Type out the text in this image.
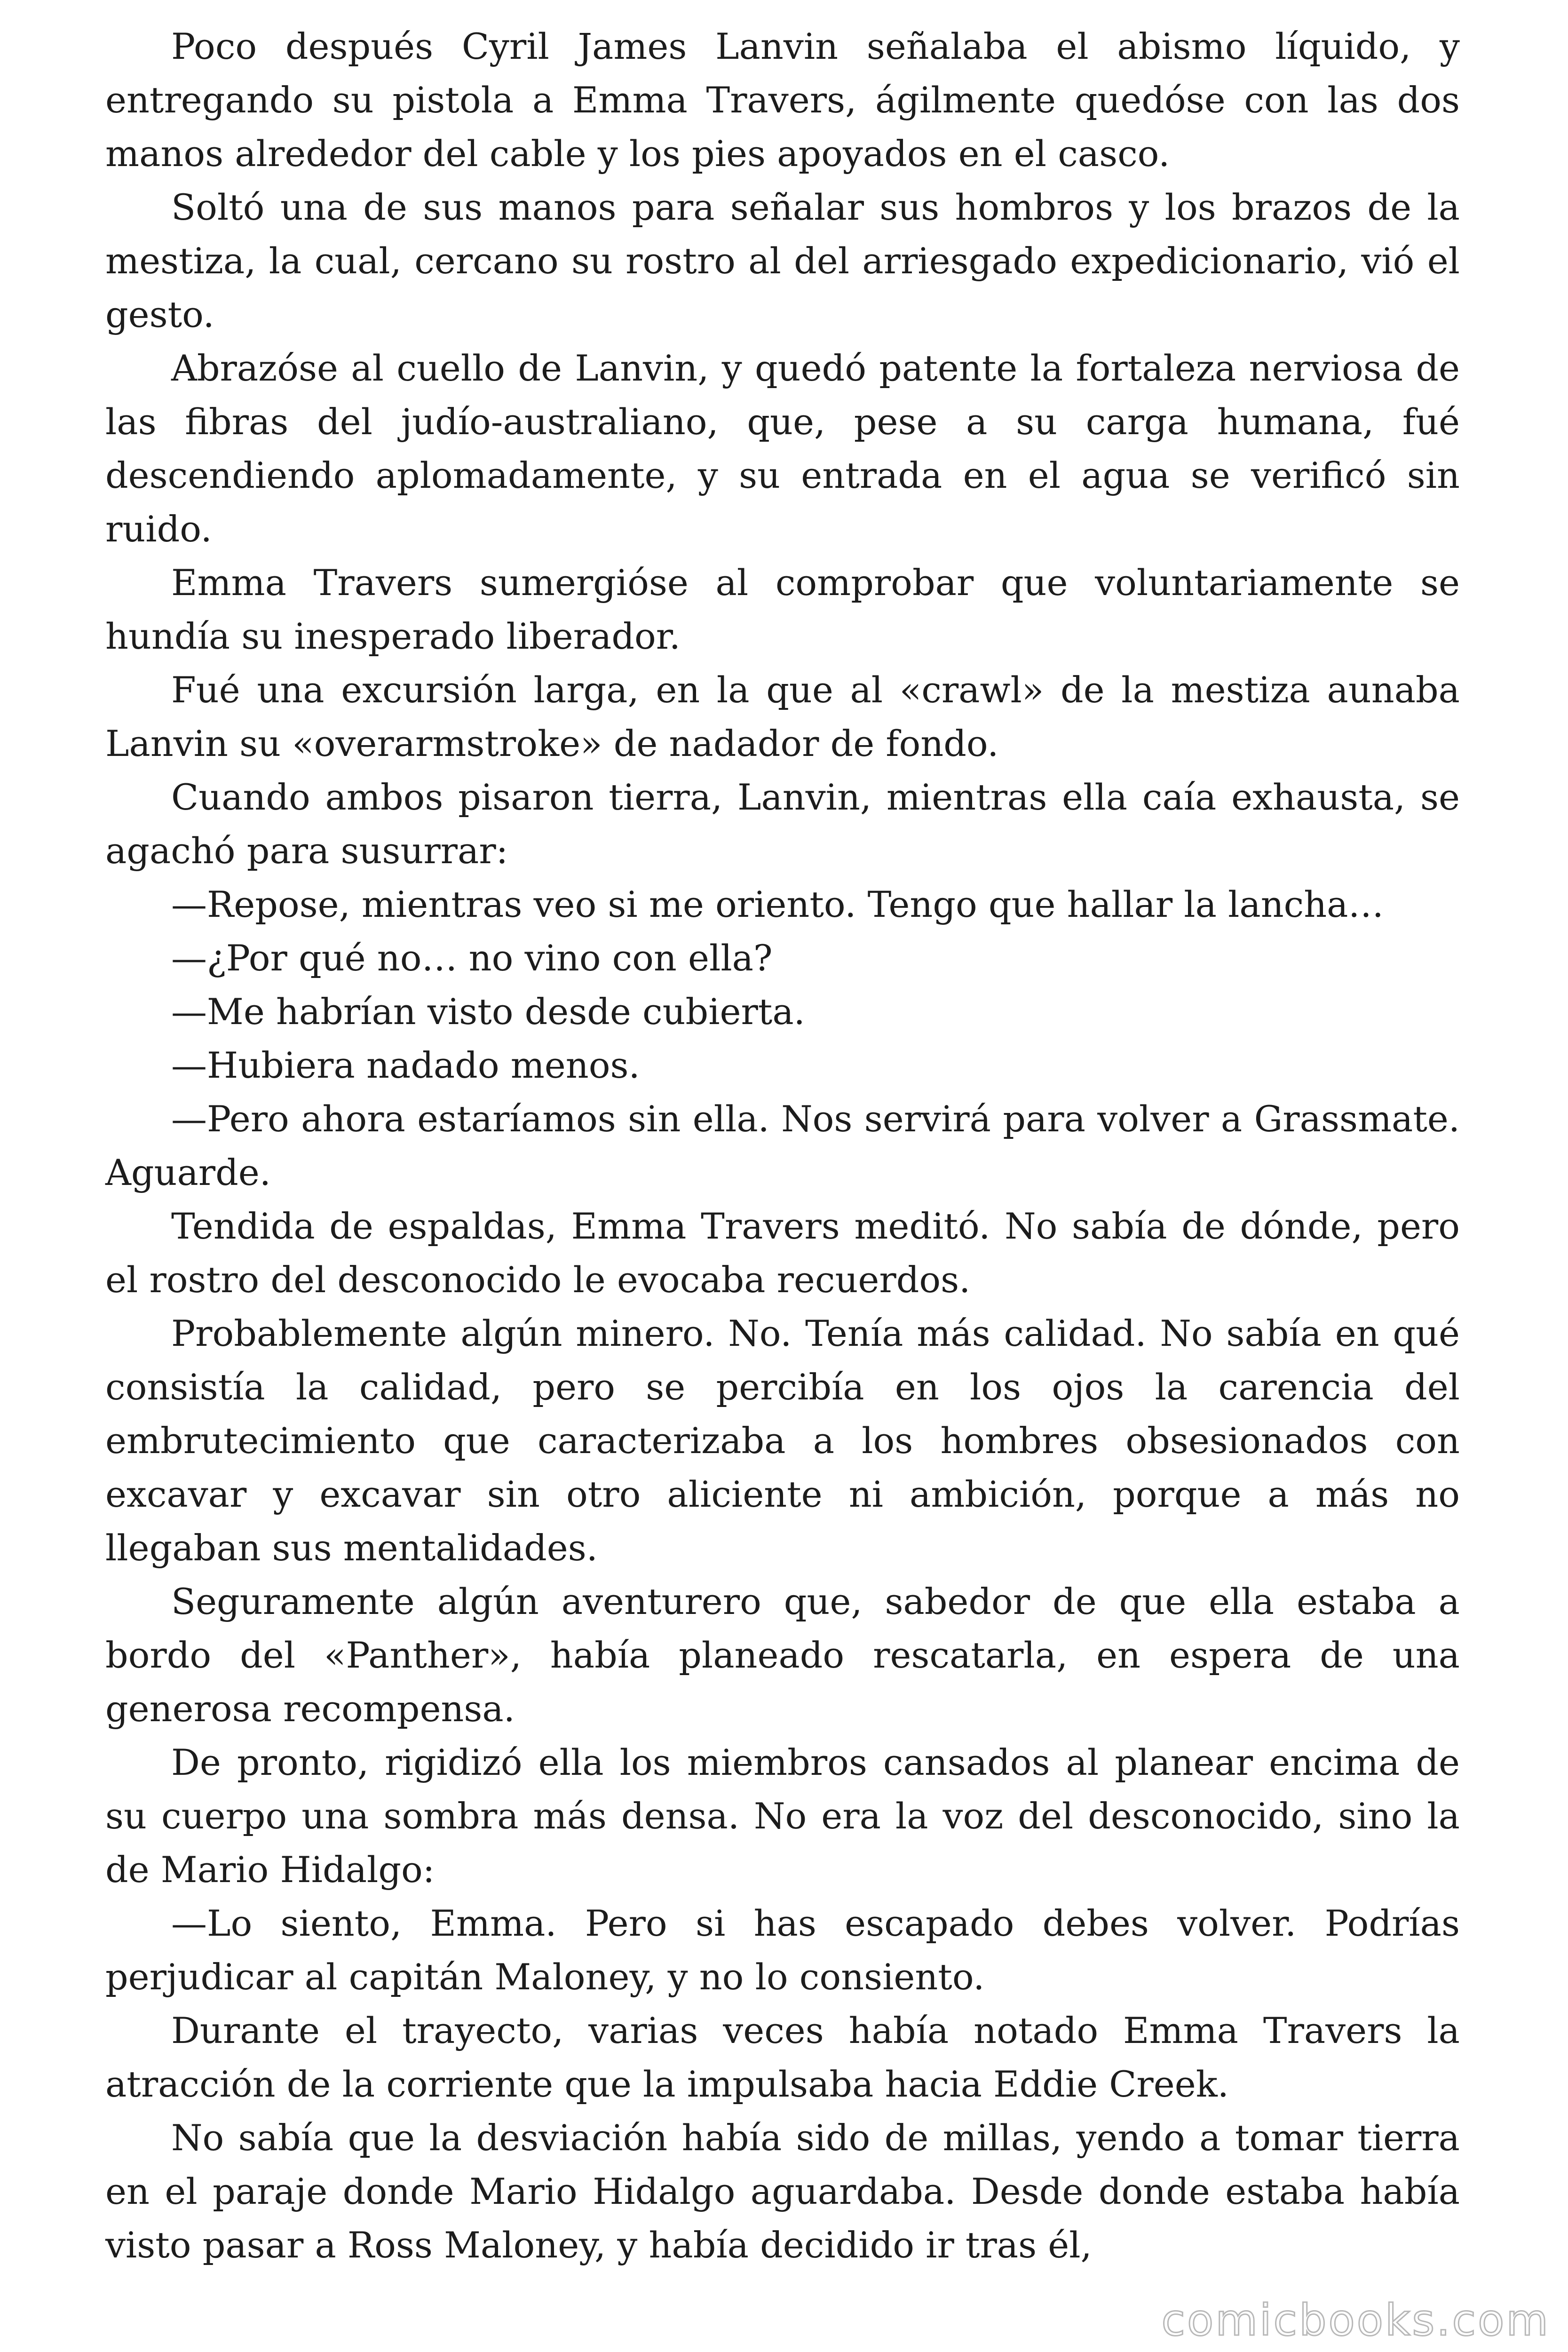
Poco después Cyril James Lanvin señalaba el abismo líquido, y entregando su pistola a Emma Travers, ágilmente quedóse con las dos manos alrededor del cable y los pies apoyados en el casco.

Soltó una de sus manos para señalar sus hombros y los brazos de la mestiza, la cual, cercano su rostro al del arriesgado expedicionario, vió el gesto.

Abrazóse al cuello de Lanvin, y quedó patente la fortaleza nerviosa de las fibras del judío-australiano, que, pese a su carga humana, fué descendiendo aplomadamente, y su entrada en el agua se verificó sin ruido.

Emma Travers sumergióse al comprobar que voluntariamente se hundía su inesperado liberador.

Fué una excursión larga, en la que al «crawl» de la mestiza aunaba Lanvin su «overarmstroke» de nadador de fondo.

Cuando ambos pisaron tierra, Lanvin, mientras ella caía exhausta, se agachó para susurrar:

—Repose, mientras veo si me oriento. Tengo que hallar la lancha…

—¿Por qué no… no vino con ella?

—Me habrían visto desde cubierta.

—Hubiera nadado menos.

—Pero ahora estaríamos sin ella. Nos servirá para volver a Grassmate. Aguarde.

Tendida de espaldas, Emma Travers meditó. No sabía de dónde, pero el rostro del desconocido le evocaba recuerdos.

Probablemente algún minero. No. Tenía más calidad. No sabía en qué consistía la calidad, pero se percibía en los ojos la carencia del embrutecimiento que caracterizaba a los hombres obsesionados con excavar y excavar sin otro aliciente ni ambición, porque a más no llegaban sus mentalidades.

Seguramente algún aventurero que, sabedor de que ella estaba a bordo del «Panther», había planeado rescatarla, en espera de una generosa recompensa.

De pronto, rigidizó ella los miembros cansados al planear encima de su cuerpo una sombra más densa. No era la voz del desconocido, sino la de Mario Hidalgo:

—Lo siento, Emma. Pero si has escapado debes volver. Podrías perjudicar al capitán Maloney, y no lo consiento.

Durante el trayecto, varias veces había notado Emma Travers la atracción de la corriente que la impulsaba hacia Eddie Creek.

No sabía que la desviación había sido de millas, yendo a tomar tierra en el paraje donde Mario Hidalgo aguardaba. Desde donde estaba había visto pasar a Ross Maloney, y había decidido ir tras él,

comicbooks.com
